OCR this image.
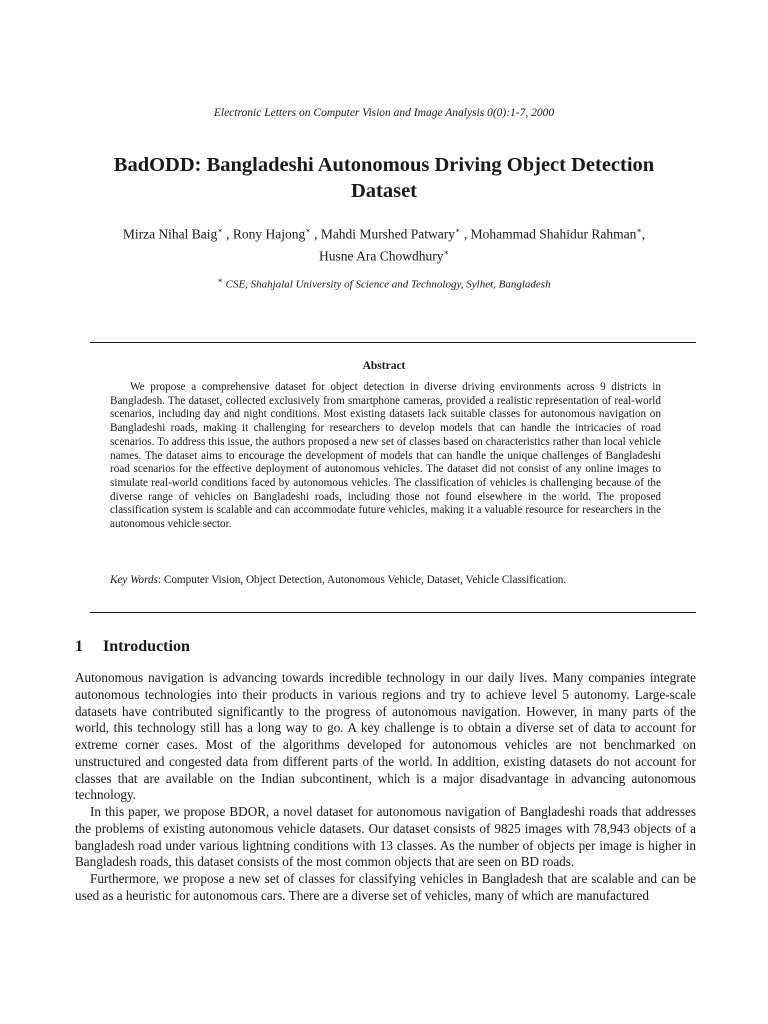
Electronic Letters on Computer Vision and Image Analysis 0(0):1-7, 2000
BadODD: Bangladeshi Autonomous Driving Object Detection
Dataset
Mirza Nihal Baig∗ , Rony Hajong∗ , Mahdi Murshed Patwary∗ , Mohammad Shahidur Rahman∗,
Husne Ara Chowdhury∗
∗ CSE, Shahjalal University of Science and Technology, Sylhet, Bangladesh
Abstract

We propose a comprehensive dataset for object detection in diverse driving environments across 9 districts in Bangladesh. The dataset, collected exclusively from smartphone cameras, provided a realistic representation of real-world scenarios, including day and night conditions. Most existing datasets lack suitable classes for autonomous navigation on Bangladeshi roads, making it challenging for researchers to develop models that can handle the intricacies of road scenarios. To address this issue, the authors proposed a new set of classes based on characteristics rather than local vehicle names. The dataset aims to encourage the development of models that can handle the unique challenges of Bangladeshi road scenarios for the effective deployment of autonomous vehicles. The dataset did not consist of any online images to simulate real-world conditions faced by autonomous vehicles. The classification of vehicles is challenging because of the diverse range of vehicles on Bangladeshi roads, including those not found elsewhere in the world. The proposed classification system is scalable and can accommodate future vehicles, making it a valuable resource for researchers in the autonomous vehicle sector.

Key Words: Computer Vision, Object Detection, Autonomous Vehicle, Dataset, Vehicle Classification.
1 Introduction

Autonomous navigation is advancing towards incredible technology in our daily lives. Many companies integrate autonomous technologies into their products in various regions and try to achieve level 5 autonomy. Large-scale datasets have contributed significantly to the progress of autonomous navigation. However, in many parts of the world, this technology still has a long way to go. A key challenge is to obtain a diverse set of data to account for extreme corner cases. Most of the algorithms developed for autonomous vehicles are not benchmarked on unstructured and congested data from different parts of the world. In addition, existing datasets do not account for classes that are available on the Indian subcontinent, which is a major disadvantage in advancing autonomous technology.

In this paper, we propose BDOR, a novel dataset for autonomous navigation of Bangladeshi roads that addresses the problems of existing autonomous vehicle datasets. Our dataset consists of 9825 images with 78,943 objects of a bangladesh road under various lightning conditions with 13 classes. As the number of objects per image is higher in Bangladesh roads, this dataset consists of the most common objects that are seen on BD roads.

Furthermore, we propose a new set of classes for classifying vehicles in Bangladesh that are scalable and can be used as a heuristic for autonomous cars. There are a diverse set of vehicles, many of which are manufactured
